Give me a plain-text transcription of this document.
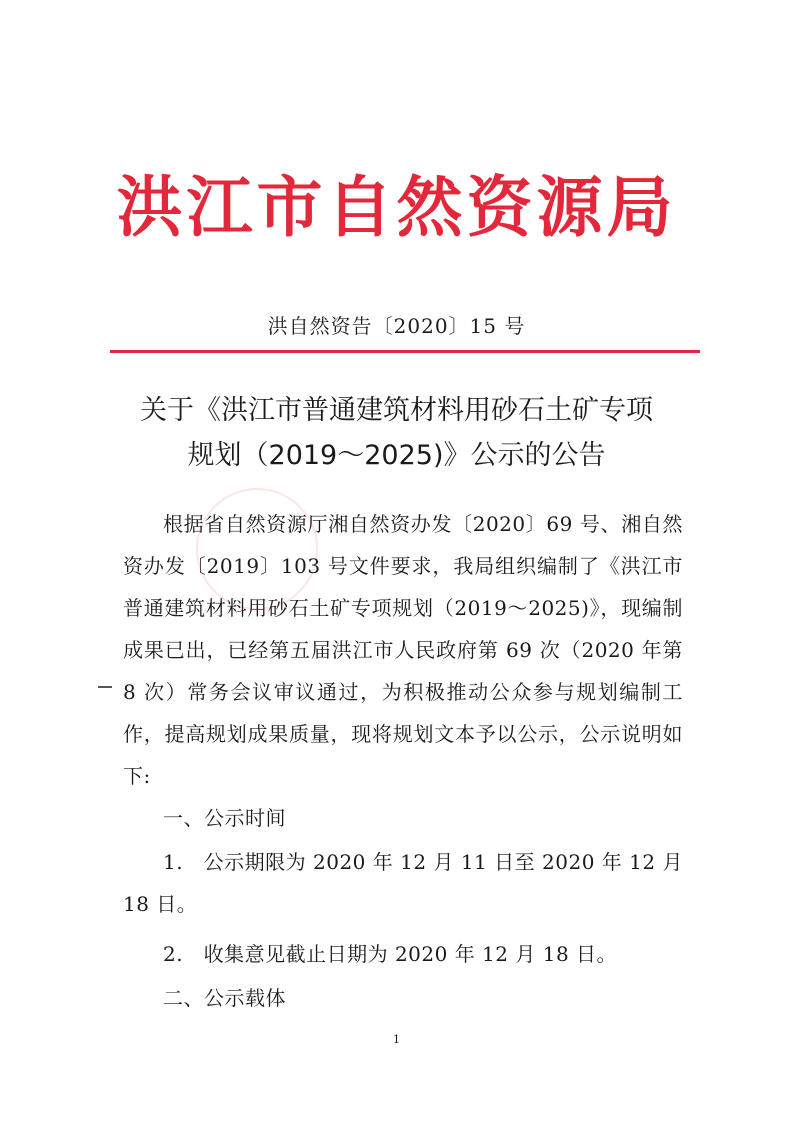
洪江市自然资源局
洪自然资告〔2020〕15 号
关于《洪江市普通建筑材料用砂石土矿专项
规划（2019～2025)》公示的公告

根据省自然资源厅湘自然资办发〔2020〕69 号、湘自然资办发〔2019〕103 号文件要求，我局组织编制了《洪江市普通建筑材料用砂石土矿专项规划（2019～2025)》，现编制成果已出，已经第五届洪江市人民政府第 69 次（2020 年第 8 次）常务会议审议通过，为积极推动公众参与规划编制工作，提高规划成果质量，现将规划文本予以公示，公示说明如下:

一、公示时间

1.　公示期限为 2020 年 12 月 11 日至 2020 年 12 月 18 日。

2.　收集意见截止日期为 2020 年 12 月 18 日。

二、公示载体

1
